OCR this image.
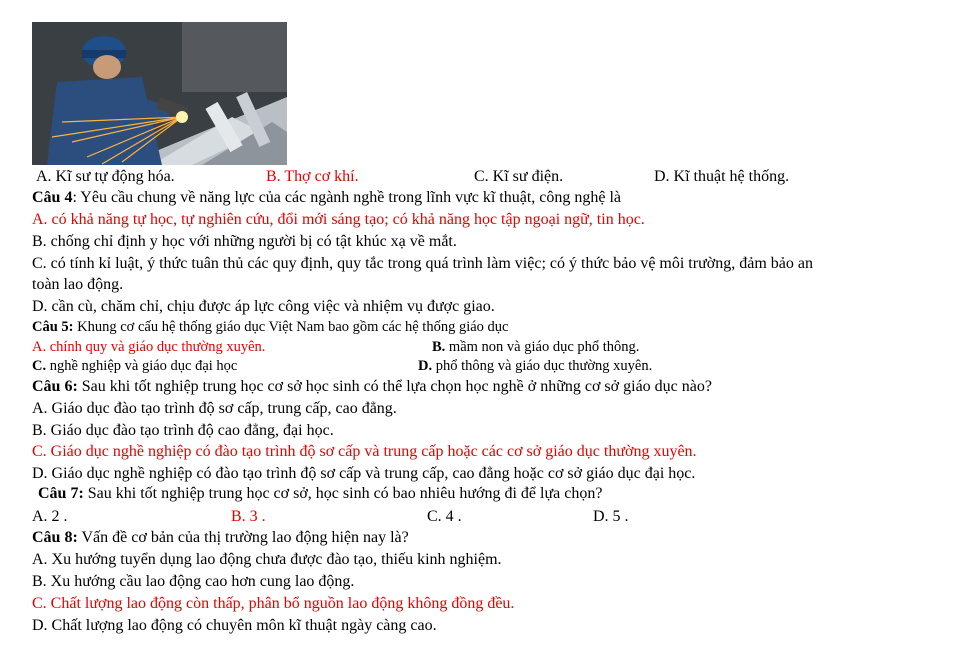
A. Kĩ sư tự động hóa.	B. Thợ cơ khí.	C. Kĩ sư điện.	D. Kĩ thuật hệ thống.
Câu 4: Yêu cầu chung về năng lực của các ngành nghề trong lĩnh vực kĩ thuật, công nghệ là
A. có khả năng tự học, tự nghiên cứu, đổi mới sáng tạo; có khả năng học tập ngoại ngữ, tin học.
B. chống chỉ định y học với những người bị có tật khúc xạ về mắt.
C. có tính kỉ luật, ý thức tuân thủ các quy định, quy tắc trong quá trình làm việc; có ý thức bảo vệ môi trường, đảm bảo an
toàn lao động.
D. cần cù, chăm chỉ, chịu được áp lực công việc và nhiệm vụ được giao.
Câu 5: Khung cơ cấu hệ thống giáo dục Việt Nam bao gồm các hệ thống giáo dục
A. chính quy và giáo dục thường xuyên.	B. mầm non và giáo dục phổ thông.
C. nghề nghiệp và giáo dục đại học	D. phổ thông và giáo dục thường xuyên.
Câu 6: Sau khi tốt nghiệp trung học cơ sở học sinh có thể lựa chọn học nghề ở những cơ sở giáo dục nào?
A. Giáo dục đào tạo trình độ sơ cấp, trung cấp, cao đẳng.
B. Giáo dục đào tạo trình độ cao đẳng, đại học.
C. Giáo dục nghề nghiệp có đào tạo trình độ sơ cấp và trung cấp hoặc các cơ sở giáo dục thường xuyên.
D. Giáo dục nghề nghiệp có đào tạo trình độ sơ cấp và trung cấp, cao đẳng hoặc cơ sở giáo dục đại học.
Câu 7: Sau khi tốt nghiệp trung học cơ sở, học sinh có bao nhiêu hướng đi để lựa chọn?
A. 2 .	B. 3 .	C. 4 .	D. 5 .
Câu 8: Vấn đề cơ bản của thị trường lao động hiện nay là?
A. Xu hướng tuyển dụng lao động chưa được đào tạo, thiếu kinh nghiệm.
B. Xu hướng cầu lao động cao hơn cung lao động.
C. Chất lượng lao động còn thấp, phân bổ nguồn lao động không đồng đều.
D. Chất lượng lao động có chuyên môn kĩ thuật ngày càng cao.
